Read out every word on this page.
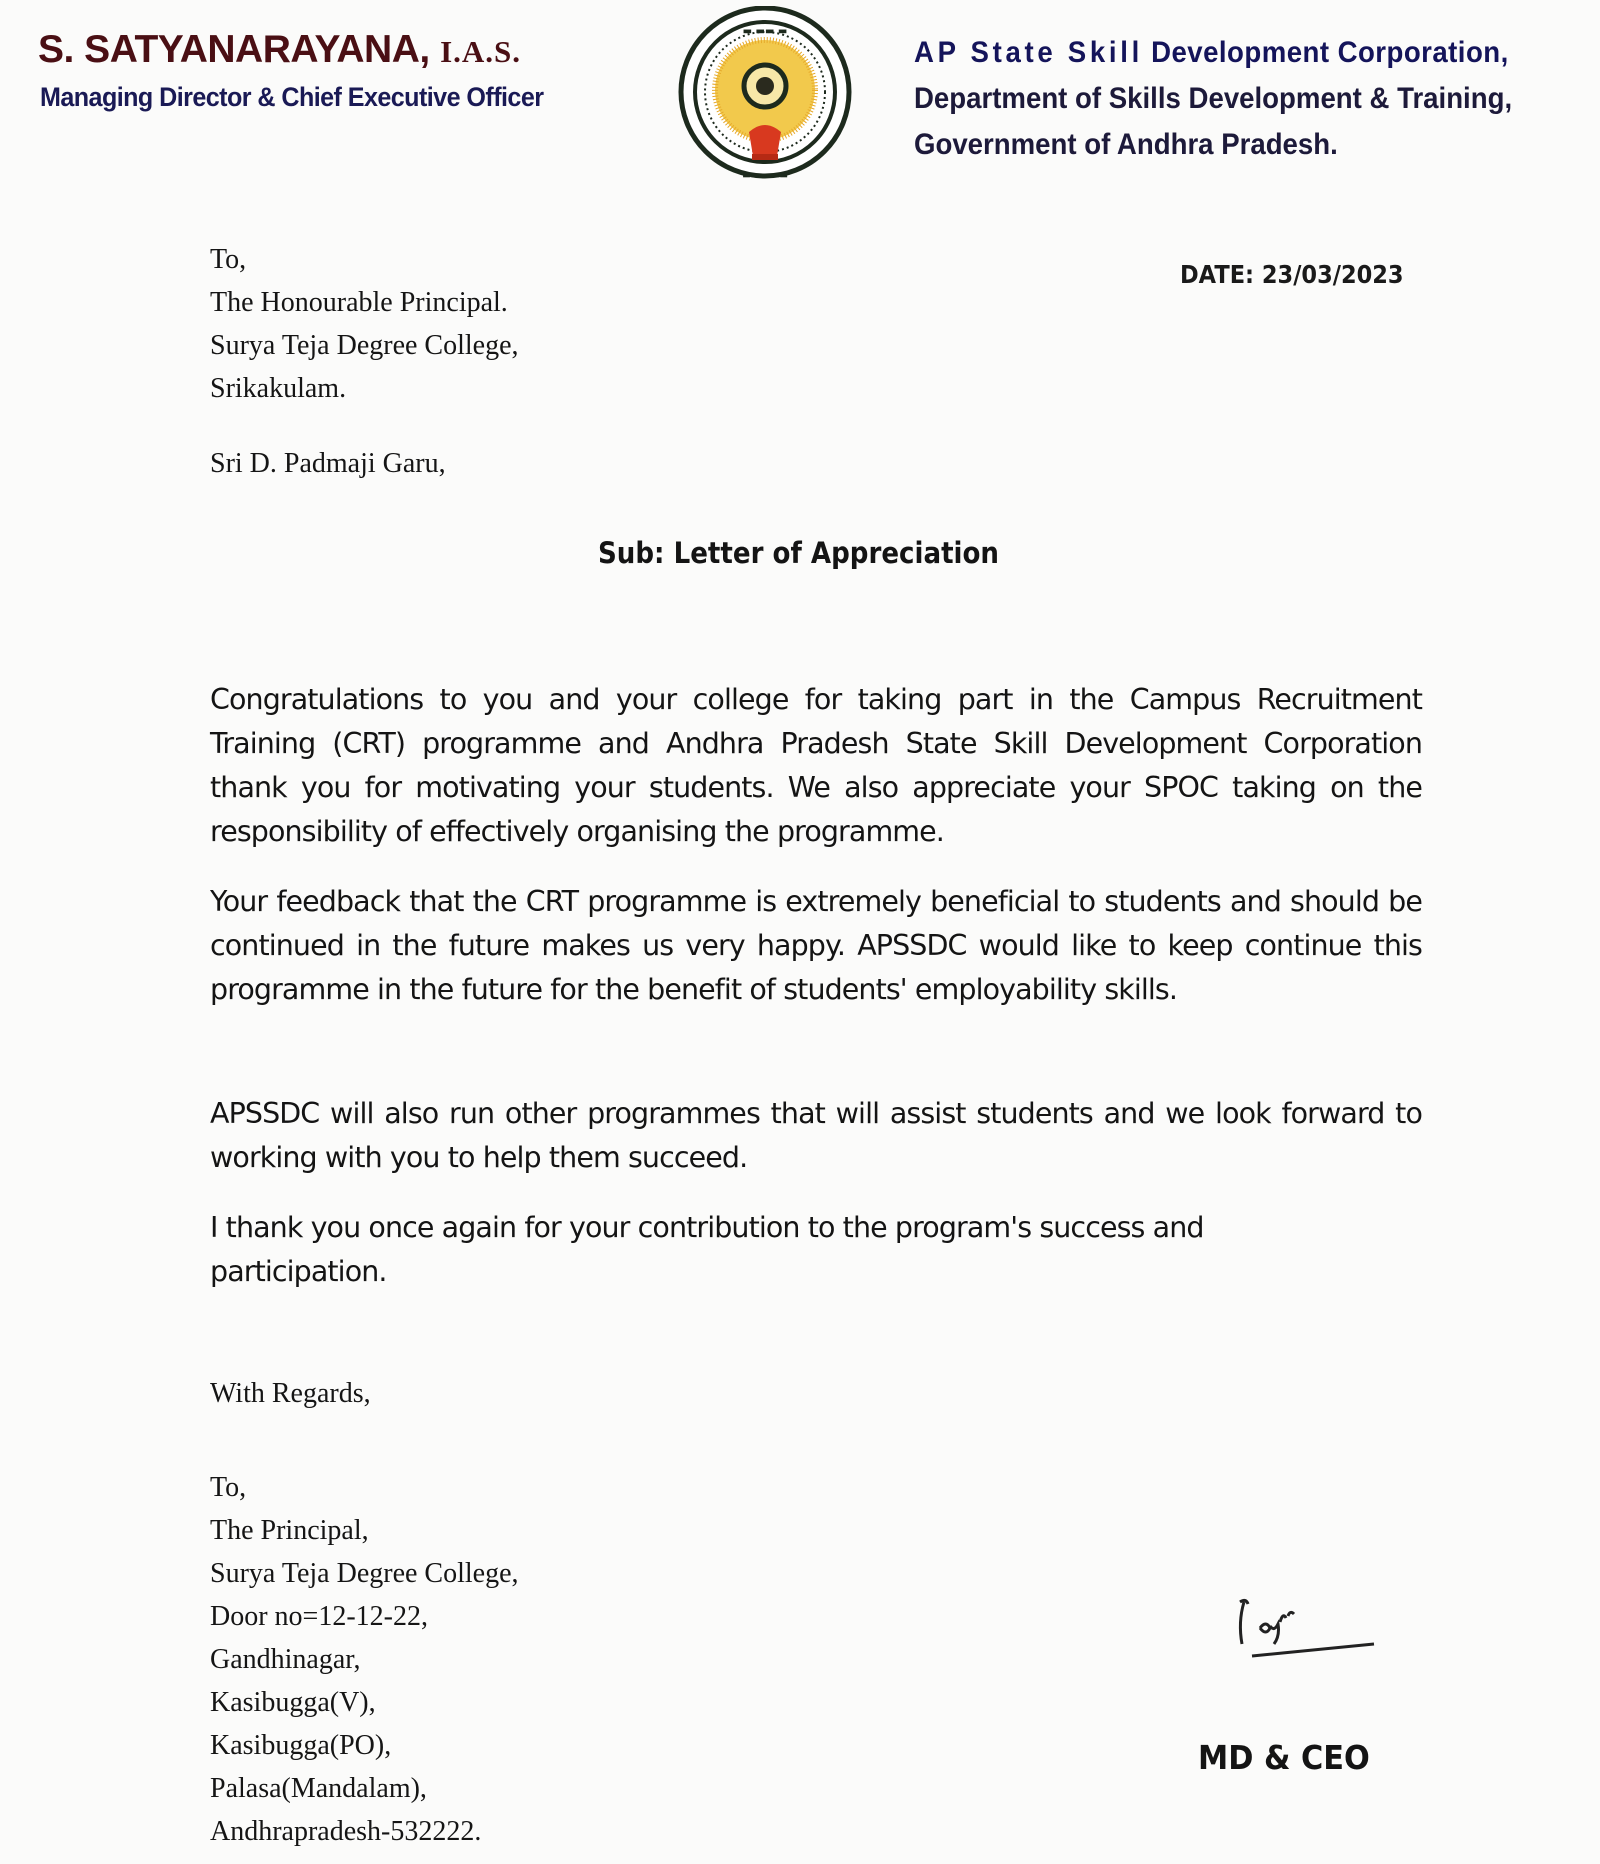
S. SATYANARAYANA, I.A.S.
Managing Director & Chief Executive Officer
▬ ▬▬ ▬
▬▬▬ ▬▬
AP State Skill Development Corporation,
Department of Skills Development & Training,
Government of Andhra Pradesh.
To,
The Honourable Principal.
Surya Teja Degree College,
Srikakulam.
DATE: 23/03/2023
Sri D. Padmaji Garu,
Sub: Letter of Appreciation
Congratulations to you and your college for taking part in the Campus Recruitment Training (CRT) programme and Andhra Pradesh State Skill Development Corporation thank you for motivating your students. We also appreciate your SPOC taking on the responsibility of effectively organising the programme.
Your feedback that the CRT programme is extremely beneficial to students and should be continued in the future makes us very happy. APSSDC would like to keep continue this programme in the future for the benefit of students' employability skills.
APSSDC will also run other programmes that will assist students and we look forward to working with you to help them succeed.
I thank you once again for your contribution to the program's success and participation.
With Regards,
To,
The Principal,
Surya Teja Degree College,
Door no=12-12-22,
Gandhinagar,
Kasibugga(V),
Kasibugga(PO),
Palasa(Mandalam),
Andhrapradesh-532222.
MD & CEO
